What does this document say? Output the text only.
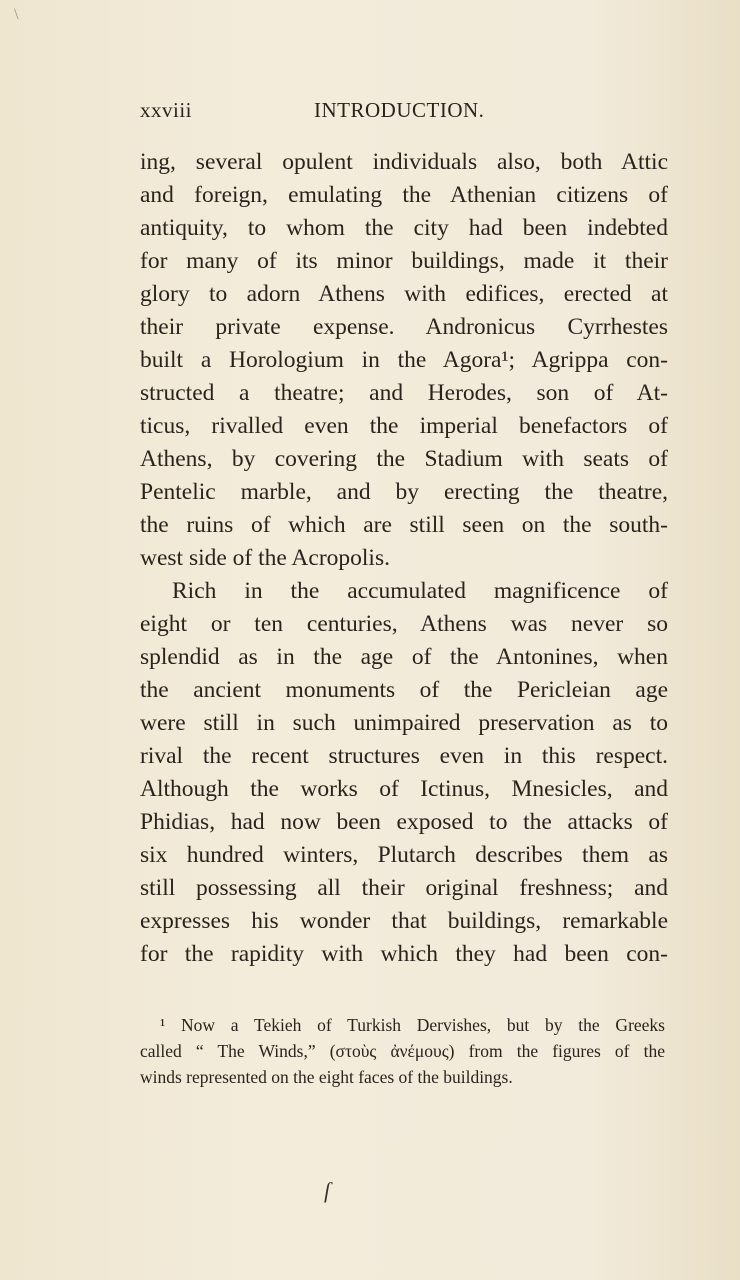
\
xxviii	INTRODUCTION.
ing, several opulent individuals also, both Attic
and foreign, emulating the Athenian citizens of
antiquity, to whom the city had been indebted
for many of its minor buildings, made it their
glory to adorn Athens with edifices, erected at
their private expense. Andronicus Cyrrhestes
built a Horologium in the Agora¹; Agrippa con-
structed a theatre; and Herodes, son of At-
ticus, rivalled even the imperial benefactors of
Athens, by covering the Stadium with seats of
Pentelic marble, and by erecting the theatre,
the ruins of which are still seen on the south-
west side of the Acropolis.
Rich in the accumulated magnificence of
eight or ten centuries, Athens was never so
splendid as in the age of the Antonines, when
the ancient monuments of the Pericleian age
were still in such unimpaired preservation as to
rival the recent structures even in this respect.
Although the works of Ictinus, Mnesicles, and
Phidias, had now been exposed to the attacks of
six hundred winters, Plutarch describes them as
still possessing all their original freshness; and
expresses his wonder that buildings, remarkable
for the rapidity with which they had been con-
¹ Now a Tekieh of Turkish Dervishes, but by the Greeks
called “ The Winds,” (στοὺς ἀνέμους) from the figures of the
winds represented on the eight faces of the buildings.
ſ
